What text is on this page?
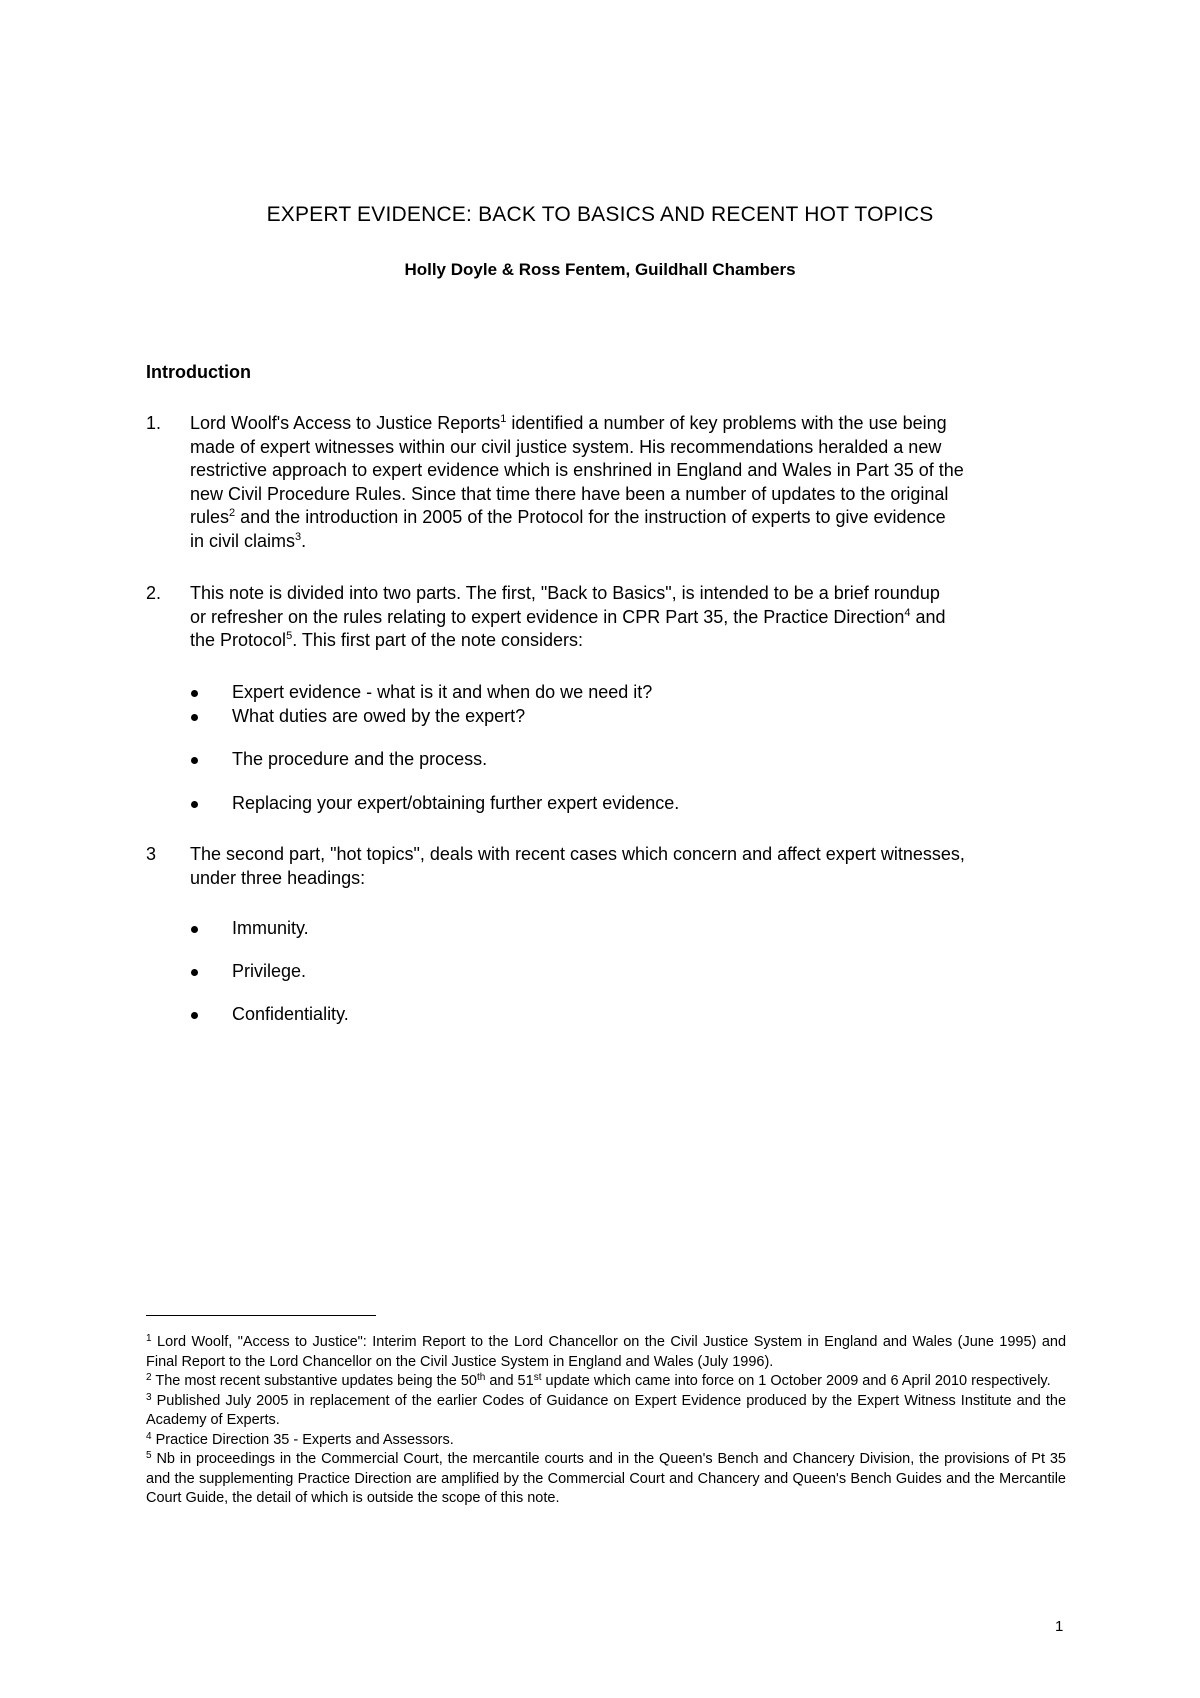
EXPERT EVIDENCE: BACK TO BASICS AND RECENT HOT TOPICS

Holly Doyle & Ross Fentem, Guildhall Chambers

Introduction
1. Lord Woolf's Access to Justice Reports$^1$ identified a number of key problems with the use being
made of expert witnesses within our civil justice system. His recommendations heralded a new
restrictive approach to expert evidence which is enshrined in England and Wales in Part 35 of the
new Civil Procedure Rules. Since that time there have been a number of updates to the original
rules$^2$ and the introduction in 2005 of the Protocol for the instruction of experts to give evidence
in civil claims$^3$.
2. This note is divided into two parts. The first, "Back to Basics", is intended to be a brief roundup
or refresher on the rules relating to expert evidence in CPR Part 35, the Practice Direction$^4$ and
the Protocol$^5$. This first part of the note considers:
Expert evidence - what is it and when do we need it?
What duties are owed by the expert?
The procedure and the process.
Replacing your expert/obtaining further expert evidence.
3 The second part, "hot topics", deals with recent cases which concern and affect expert witnesses,
under three headings:
Immunity.
Privilege.
Confidentiality.

$^1$ Lord Woolf, "Access to Justice": Interim Report to the Lord Chancellor on the Civil Justice System in England and Wales (June 1995) and Final Report to the Lord Chancellor on the Civil Justice System in England and Wales (July 1996).

$^2$ The most recent substantive updates being the 50th and 51st update which came into force on 1 October 2009 and 6 April 2010 respectively.

$^3$ Published July 2005 in replacement of the earlier Codes of Guidance on Expert Evidence produced by the Expert Witness Institute and the Academy of Experts.

$^4$ Practice Direction 35 - Experts and Assessors.

$^5$ Nb in proceedings in the Commercial Court, the mercantile courts and in the Queen's Bench and Chancery Division, the provisions of Pt 35 and the supplementing Practice Direction are amplified by the Commercial Court and Chancery and Queen's Bench Guides and the Mercantile Court Guide, the detail of which is outside the scope of this note.

1
